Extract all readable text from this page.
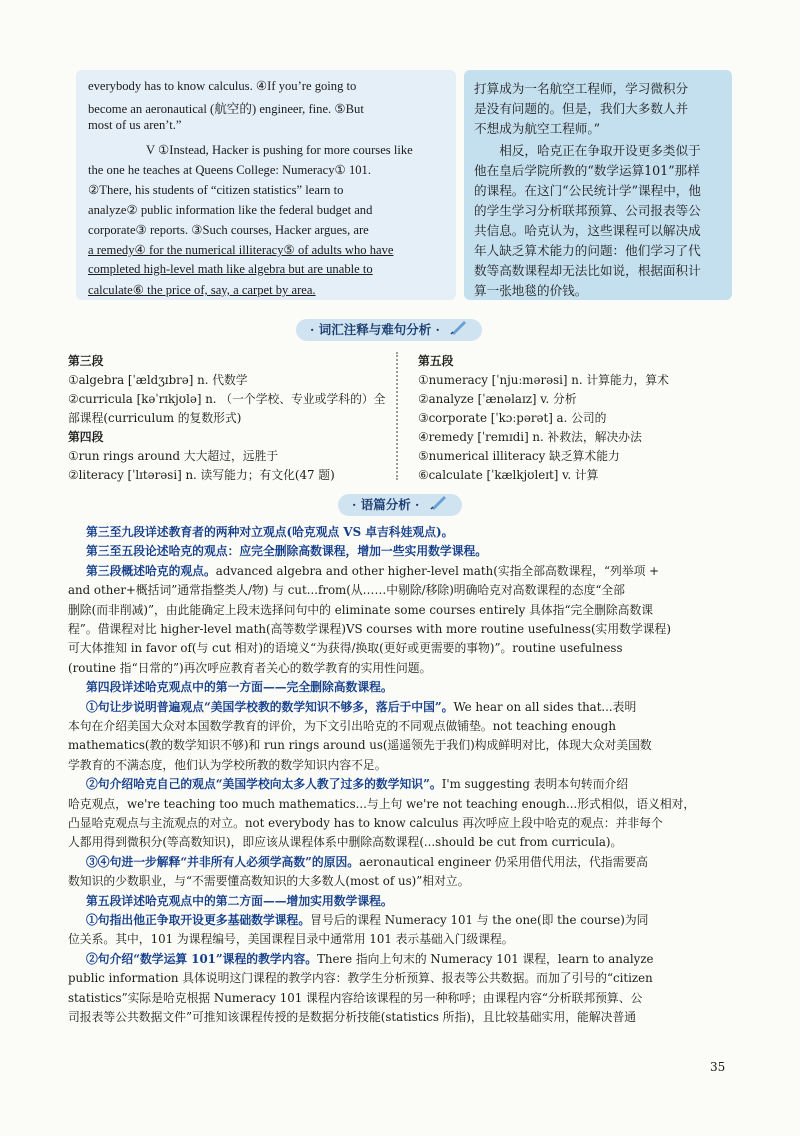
everybody has to know calculus. ④If you’re going to
become an aeronautical (航空的) engineer, fine. ⑤But
most of us aren’t.”
V ①Instead, Hacker is pushing for more courses like
the one he teaches at Queens College: Numeracy① 101.
②There, his students of “citizen statistics” learn to
analyze② public information like the federal budget and
corporate③ reports. ③Such courses, Hacker argues, are
a remedy④ for the numerical illiteracy⑤ of adults who have
completed high-level math like algebra but are unable to
calculate⑥ the price of, say, a carpet by area.
打算成为一名航空工程师，学习微积分
是没有问题的。但是，我们大多数人并
不想成为航空工程师。”
　　相反，哈克正在争取开设更多类似于
他在皇后学院所教的“数学运算101”那样
的课程。在这门“公民统计学”课程中，他
的学生学习分析联邦预算、公司报表等公
共信息。哈克认为，这些课程可以解决成
年人缺乏算术能力的问题：他们学习了代
数等高数课程却无法比如说，根据面积计
算一张地毯的价钱。
· 词汇注释与难句分析 ·
第三段
①algebra [ˈældʒɪbrə] n. 代数学
②curricula [kəˈrɪkjʊlə] n. （一个学校、专业或学科的）全
部课程(curriculum 的复数形式)
第四段
①run rings around 大大超过，远胜于
②literacy [ˈlɪtərəsi] n. 读写能力；有文化(47 题)
第五段
①numeracy [ˈnjuːmərəsi] n. 计算能力，算术
②analyze [ˈænəlaɪz] v. 分析
③corporate [ˈkɔːpərət] a. 公司的
④remedy [ˈremɪdi] n. 补救法，解决办法
⑤numerical illiteracy 缺乏算术能力
⑥calculate [ˈkælkjʊleɪt] v. 计算
· 语篇分析 ·
第三至九段详述教育者的两种对立观点(哈克观点 VS 卓吉科娃观点)。
第三至五段论述哈克的观点：应完全删除高数课程，增加一些实用数学课程。
第三段概述哈克的观点。advanced algebra and other higher-level math(实指全部高数课程，“列举项 +
and other+概括词”通常指整类人/物) 与 cut...from(从……中剔除/移除)明确哈克对高数课程的态度“全部
删除(而非削减)”，由此能确定上段末选择问句中的 eliminate some courses entirely 具体指“完全删除高数课
程”。借课程对比 higher-level math(高等数学课程)VS courses with more routine usefulness(实用数学课程)
可大体推知 in favor of(与 cut 相对)的语境义“为获得/换取(更好或更需要的事物)”。routine usefulness
(routine 指“日常的”)再次呼应教育者关心的数学教育的实用性问题。
第四段详述哈克观点中的第一方面——完全删除高数课程。
①句让步说明普遍观点“美国学校教的数学知识不够多，落后于中国”。We hear on all sides that...表明
本句在介绍美国大众对本国数学教育的评价，为下文引出哈克的不同观点做铺垫。not teaching enough
mathematics(教的数学知识不够)和 run rings around us(遥遥领先于我们)构成鲜明对比，体现大众对美国数
学教育的不满态度，他们认为学校所教的数学知识内容不足。
②句介绍哈克自己的观点“美国学校向太多人教了过多的数学知识”。I'm suggesting 表明本句转而介绍
哈克观点，we're teaching too much mathematics...与上句 we're not teaching enough...形式相似，语义相对，
凸显哈克观点与主流观点的对立。not everybody has to know calculus 再次呼应上段中哈克的观点：并非每个
人都用得到微积分(等高数知识)，即应该从课程体系中删除高数课程(...should be cut from curricula)。
③④句进一步解释“并非所有人必须学高数”的原因。aeronautical engineer 仍采用借代用法，代指需要高
数知识的少数职业，与“不需要懂高数知识的大多数人(most of us)”相对立。
第五段详述哈克观点中的第二方面——增加实用数学课程。
①句指出他正争取开设更多基础数学课程。冒号后的课程 Numeracy 101 与 the one(即 the course)为同
位关系。其中，101 为课程编号，美国课程目录中通常用 101 表示基础入门级课程。
②句介绍“数学运算 101”课程的教学内容。There 指向上句末的 Numeracy 101 课程，learn to analyze
public information 具体说明这门课程的教学内容：教学生分析预算、报表等公共数据。而加了引号的“citizen
statistics”实际是哈克根据 Numeracy 101 课程内容给该课程的另一种称呼；由课程内容“分析联邦预算、公
司报表等公共数据文件”可推知该课程传授的是数据分析技能(statistics 所指)，且比较基础实用，能解决普通
35
